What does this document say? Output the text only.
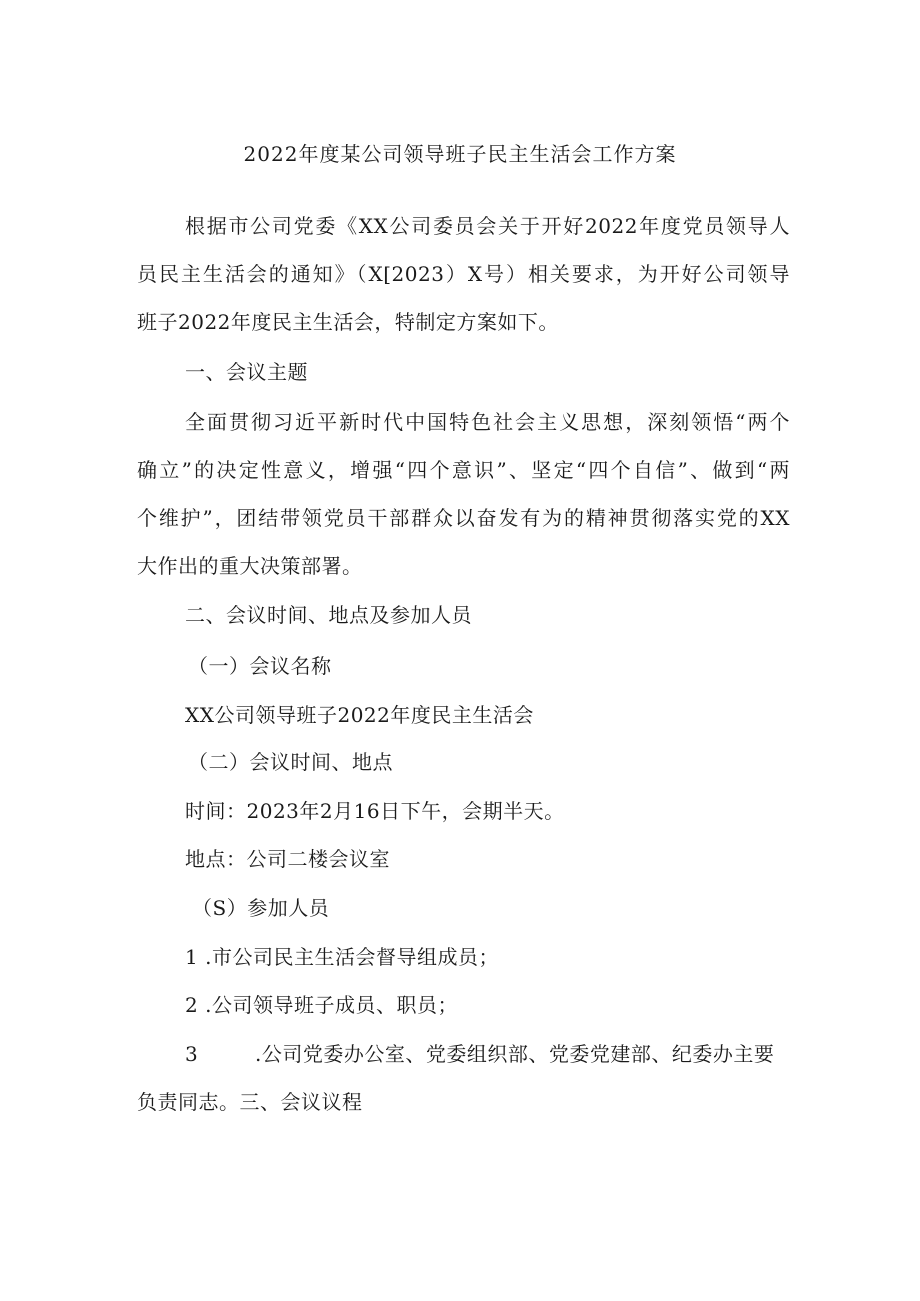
2022年度某公司领导班子民主生活会工作方案
根据市公司党委《XX公司委员会关于开好2022年度党员领导人
员民主生活会的通知》（X[2023）X号）相关要求，为开好公司领导
班子2022年度民主生活会，特制定方案如下。
一、会议主题
全面贯彻习近平新时代中国特色社会主义思想，深刻领悟“两个
确立”的决定性意义，增强“四个意识”、坚定“四个自信”、做到“两
个维护”，团结带领党员干部群众以奋发有为的精神贯彻落实党的XX
大作出的重大决策部署。
二、会议时间、地点及参加人员
（一）会议名称
XX公司领导班子2022年度民主生活会
（二）会议时间、地点
时间：2023年2月16日下午，会期半天。
地点：公司二楼会议室
（S）参加人员
1 .市公司民主生活会督导组成员；
2 .公司领导班子成员、职员；
3	.公司党委办公室、党委组织部、党委党建部、纪委办主要
负责同志。三、会议议程
